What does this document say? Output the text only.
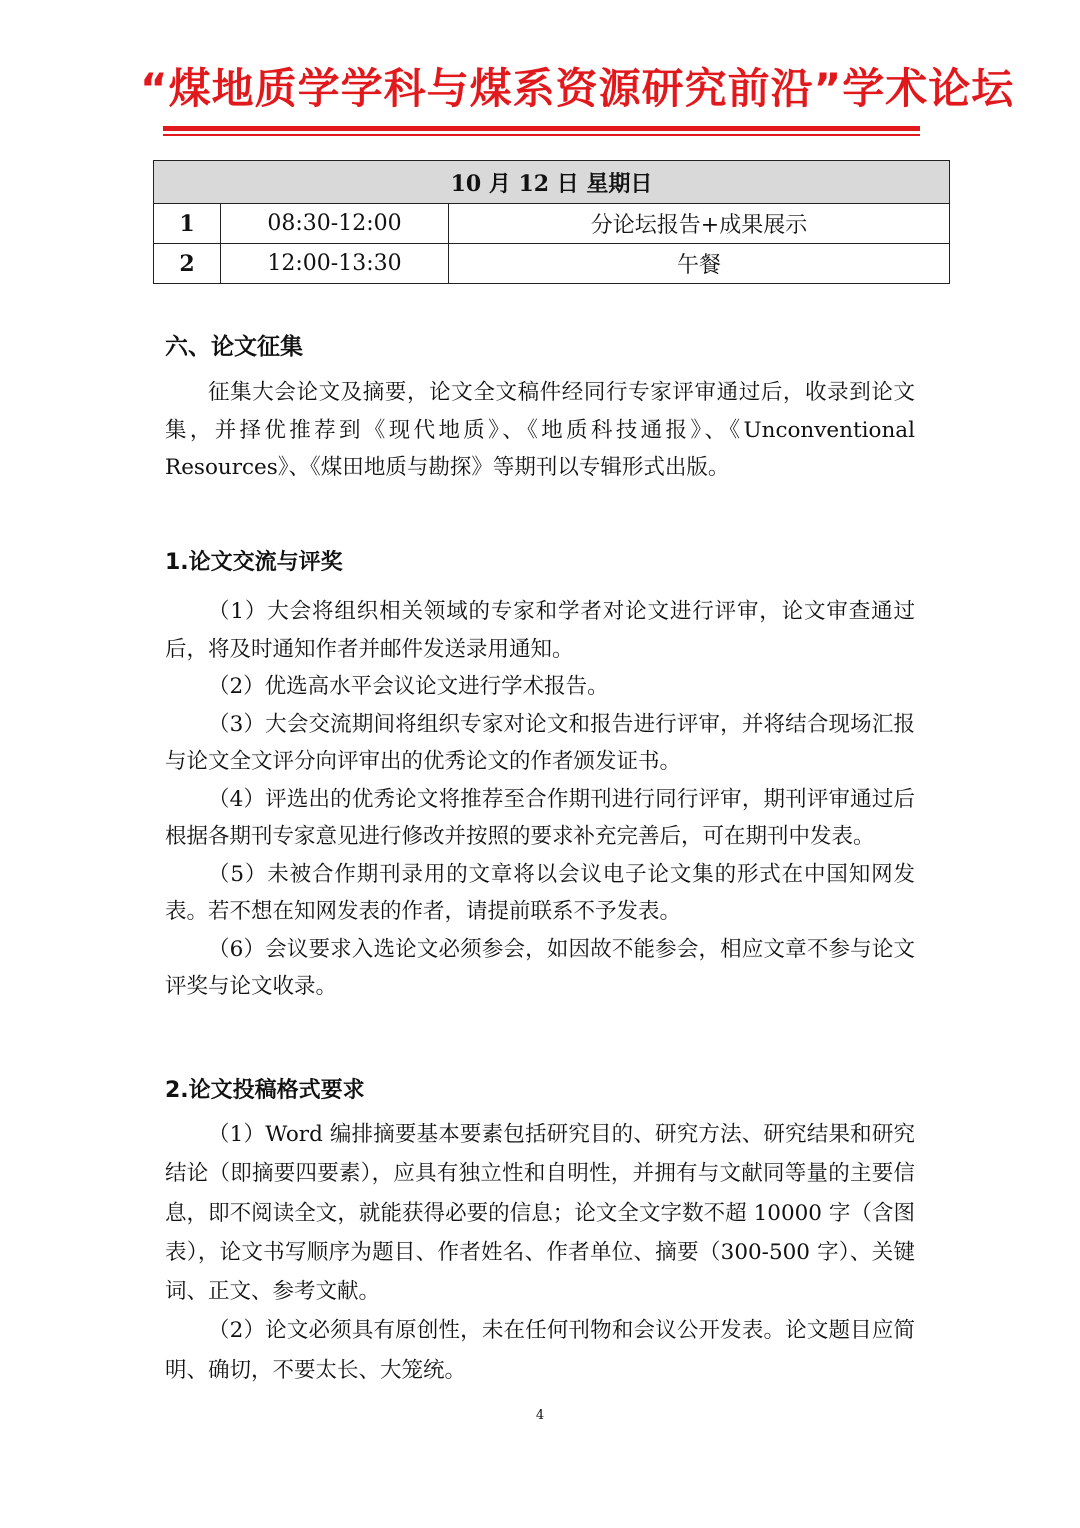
“煤地质学学科与煤系资源研究前沿”学术论坛
10 月 12 日 星期日		
1	08:30-12:00	分论坛报告+成果展示
2	12:00-13:30	午餐
六、论文征集
征集大会论文及摘要，论文全文稿件经同行专家评审通过后，收录到论文集，并择优推荐到《现代地质》、《地质科技通报》、《Unconventional Resources》、《煤田地质与勘探》等期刊以专辑形式出版。
1.论文交流与评奖
（1）大会将组织相关领域的专家和学者对论文进行评审，论文审查通过后，将及时通知作者并邮件发送录用通知。
（2）优选高水平会议论文进行学术报告。
（3）大会交流期间将组织专家对论文和报告进行评审，并将结合现场汇报与论文全文评分向评审出的优秀论文的作者颁发证书。
（4）评选出的优秀论文将推荐至合作期刊进行同行评审，期刊评审通过后根据各期刊专家意见进行修改并按照的要求补充完善后，可在期刊中发表。
（5）未被合作期刊录用的文章将以会议电子论文集的形式在中国知网发表。若不想在知网发表的作者，请提前联系不予发表。
（6）会议要求入选论文必须参会，如因故不能参会，相应文章不参与论文评奖与论文收录。
2.论文投稿格式要求
（1）Word 编排摘要基本要素包括研究目的、研究方法、研究结果和研究结论（即摘要四要素），应具有独立性和自明性，并拥有与文献同等量的主要信息，即不阅读全文，就能获得必要的信息；论文全文字数不超 10000 字（含图表），论文书写顺序为题目、作者姓名、作者单位、摘要（300-500 字）、关键词、正文、参考文献。
（2）论文必须具有原创性，未在任何刊物和会议公开发表。论文题目应简明、确切，不要太长、大笼统。
4
